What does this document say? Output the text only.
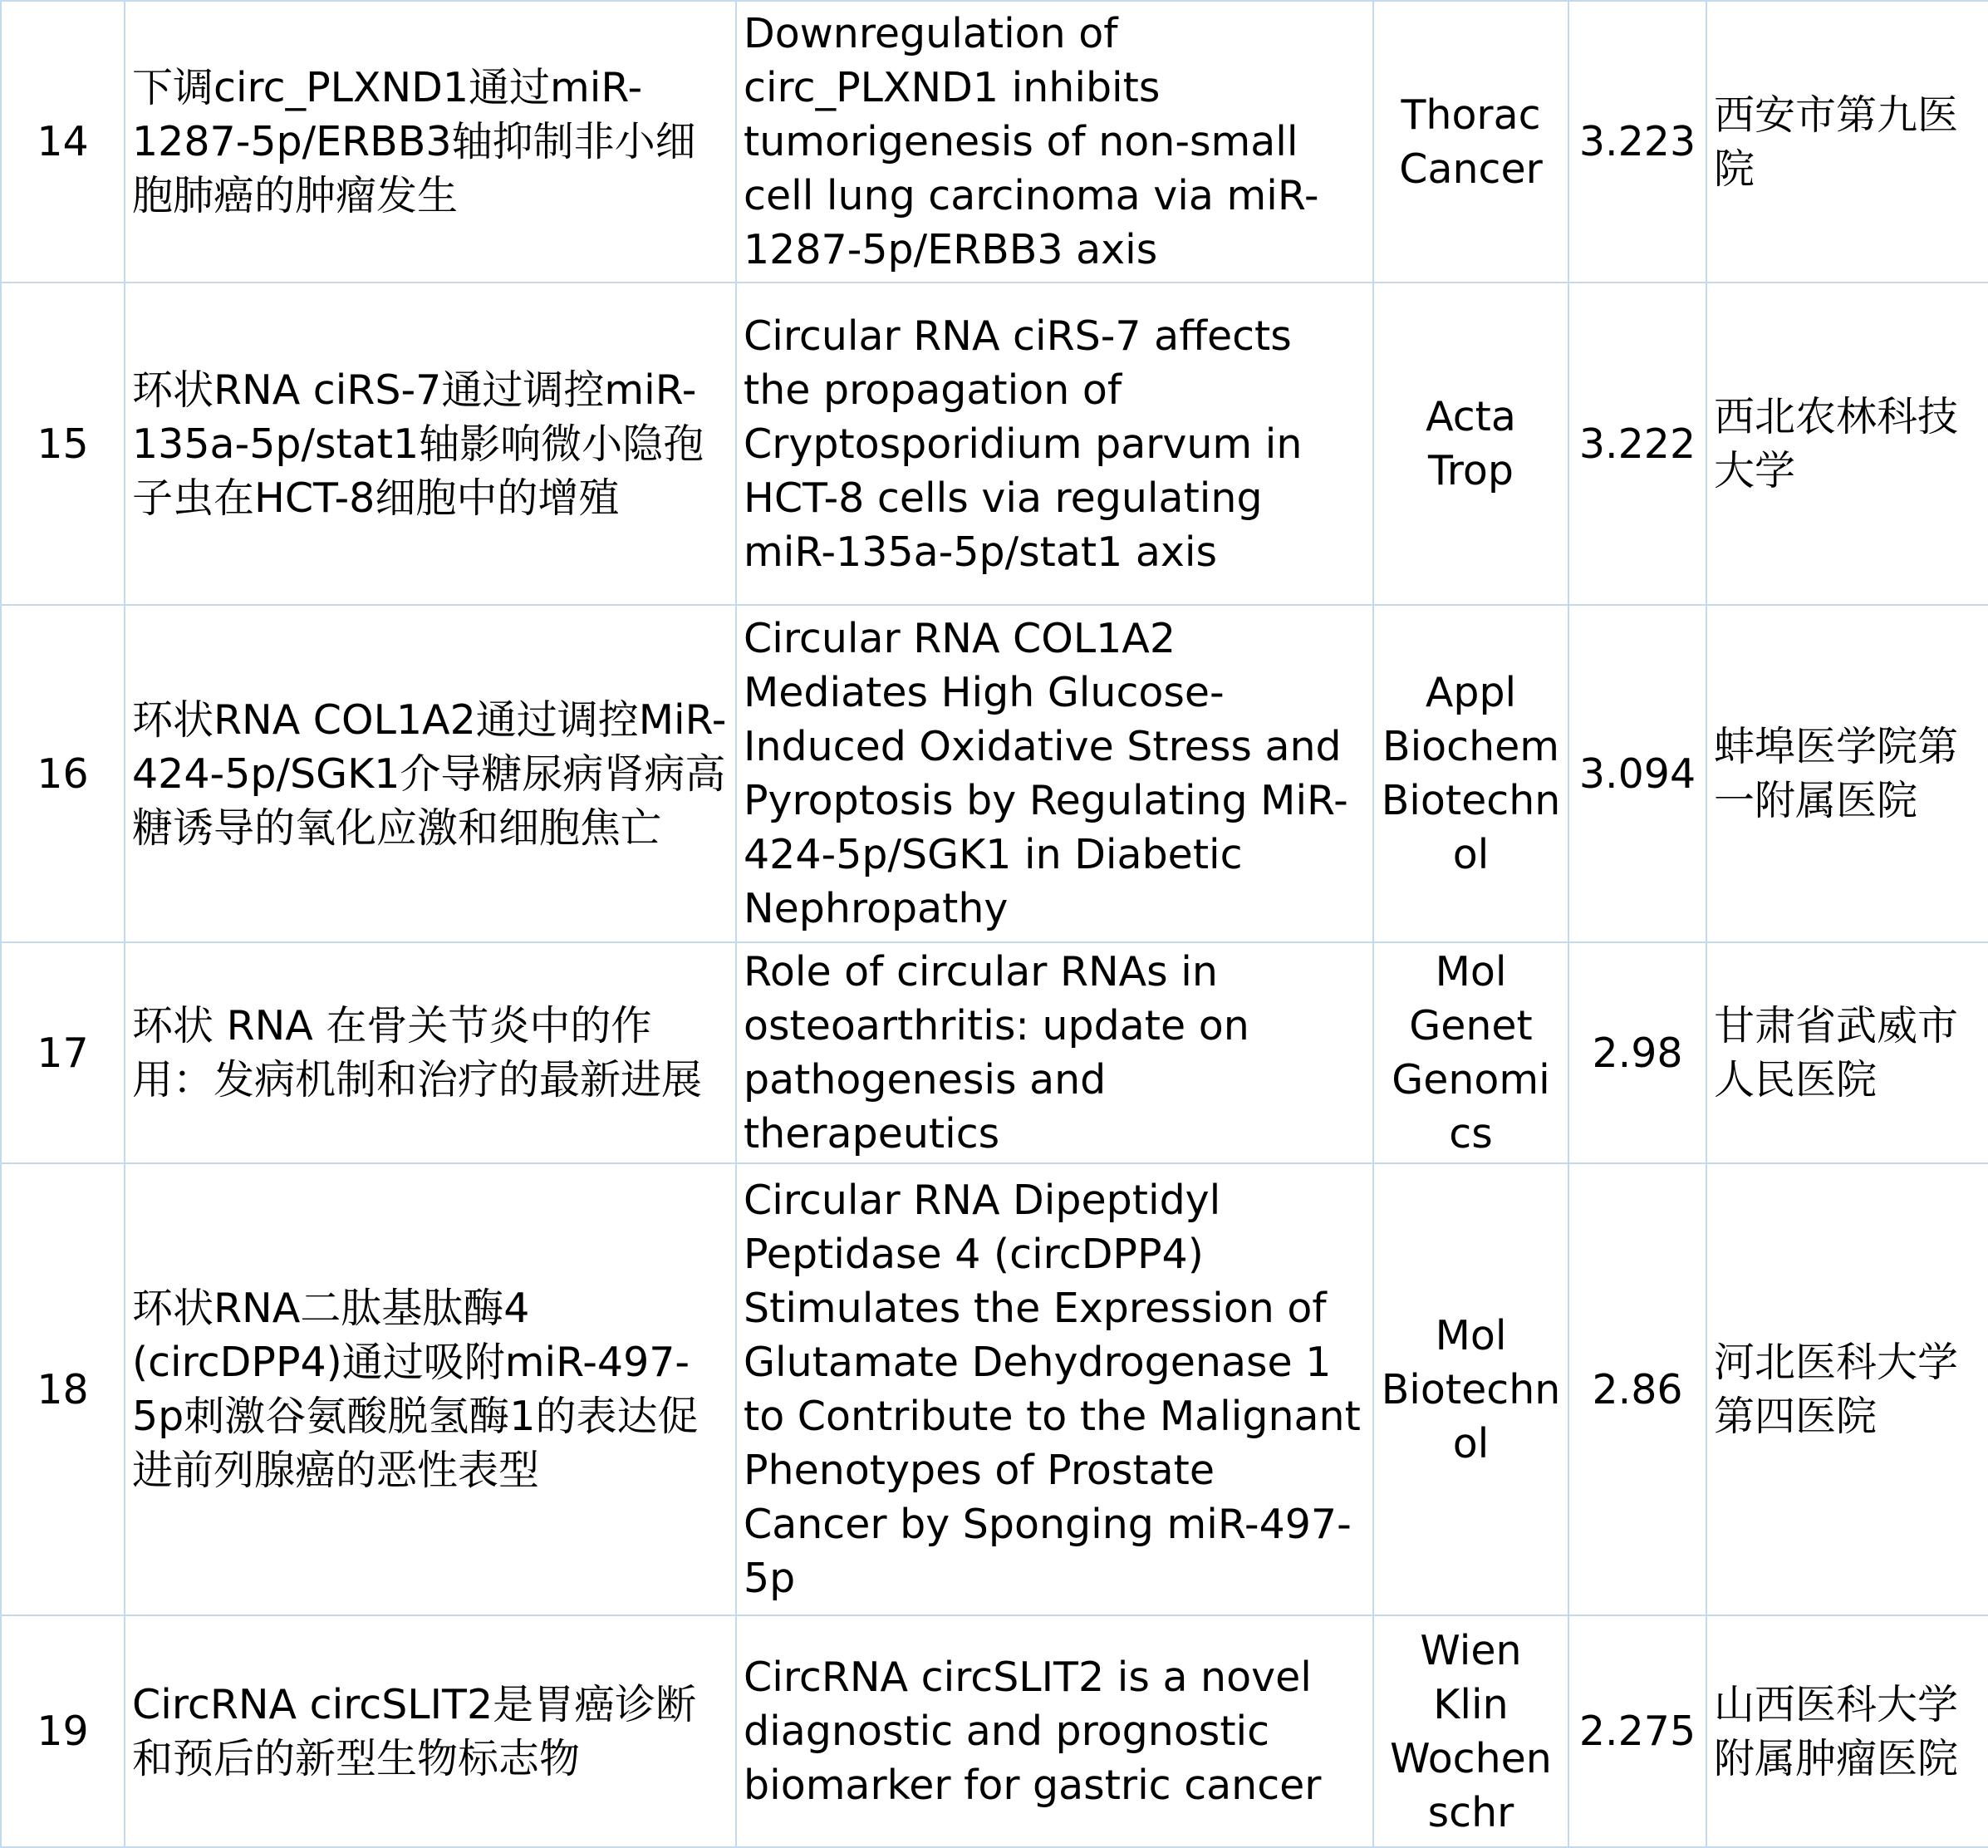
14	下调circ_PLXND1通过miR-1287-5p/ERBB3轴抑制非小细胞肺癌的肿瘤发生	Downregulation of circ_PLXND1 inhibits tumorigenesis of non-small cell lung carcinoma via miR-1287-5p/ERBB3 axis	Thorac Cancer	3.223	西安市第九医院
15	环状RNA ciRS-7通过调控miR-135a-5p/stat1轴影响微小隐孢子虫在HCT-8细胞中的增殖	Circular RNA ciRS-7 affects the propagation of Cryptosporidium parvum in HCT-8 cells via regulating miR-135a-5p/stat1 axis	Acta Trop	3.222	西北农林科技大学
16	环状RNA COL1A2通过调控MiR-424-5p/SGK1介导糖尿病肾病高糖诱导的氧化应激和细胞焦亡	Circular RNA COL1A2 Mediates High Glucose-Induced Oxidative Stress and Pyroptosis by Regulating MiR-424-5p/SGK1 in Diabetic Nephropathy	Appl Biochem Biotechnol	3.094	蚌埠医学院第一附属医院
17	环状 RNA 在骨关节炎中的作用：发病机制和治疗的最新进展	Role of circular RNAs in osteoarthritis: update on pathogenesis and therapeutics	Mol Genet Genomics	2.98	甘肃省武威市人民医院
18	环状RNA二肽基肽酶4 (circDPP4)通过吸附miR-497-5p刺激谷氨酸脱氢酶1的表达促进前列腺癌的恶性表型	Circular RNA Dipeptidyl Peptidase 4 (circDPP4) Stimulates the Expression of Glutamate Dehydrogenase 1 to Contribute to the Malignant Phenotypes of Prostate Cancer by Sponging miR-497-5p	Mol Biotechnol	2.86	河北医科大学第四医院
19	CircRNA circSLIT2是胃癌诊断和预后的新型生物标志物	CircRNA circSLIT2 is a novel diagnostic and prognostic biomarker for gastric cancer	Wien Klin Wochenschr	2.275	山西医科大学附属肿瘤医院
